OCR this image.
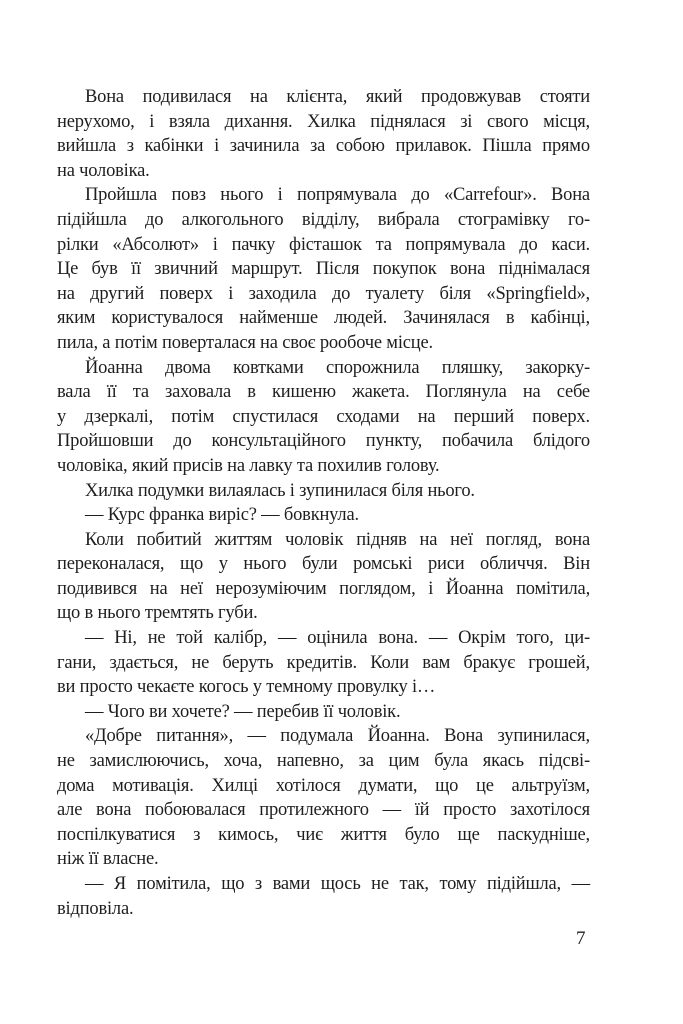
Вона подивилася на клієнта, який продовжував стояти
нерухомо, і взяла дихання. Хилка піднялася зі свого місця,
вийшла з кабінки і зачинила за собою прилавок. Пішла прямо
на чоловіка.
Пройшла повз нього і попрямувала до «Carrefour». Вона
підійшла до алкогольного відділу, вибрала стограмівку го-
рілки «Абсолют» і пачку фісташок та попрямувала до каси.
Це був її звичний маршрут. Після покупок вона піднімалася
на другий поверх і заходила до туалету біля «Springfield»,
яким користувалося найменше людей. Зачинялася в кабінці,
пила, а потім поверталася на своє рообоче місце.
Йоанна двома ковтками спорожнила пляшку, закорку-
вала її та заховала в кишеню жакета. Поглянула на себе
у дзеркалі, потім спустилася сходами на перший поверх.
Пройшовши до консультаційного пункту, побачила блідого
чоловіка, який присів на лавку та похилив голову.
Хилка подумки вилаялась і зупинилася біля нього.
— Курс франка виріс? — бовкнула.
Коли побитий життям чоловік підняв на неї погляд, вона
переконалася, що у нього були ромські риси обличчя. Він
подивився на неї нерозуміючим поглядом, і Йоанна помітила,
що в нього тремтять губи.
— Ні, не той калібр, — оцінила вона. — Окрім того, ци-
гани, здається, не беруть кредитів. Коли вам бракує грошей,
ви просто чекаєте когось у темному провулку і…
— Чого ви хочете? — перебив її чоловік.
«Добре питання», — подумала Йоанна. Вона зупинилася,
не замислюючись, хоча, напевно, за цим була якась підсві-
дома мотивація. Хилці хотілося думати, що це альтруїзм,
але вона побоювалася протилежного — їй просто захотілося
поспілкуватися з кимось, чиє життя було ще паскудніше,
ніж її власне.
— Я помітила, що з вами щось не так, тому підійшла, —
відповіла.
7
